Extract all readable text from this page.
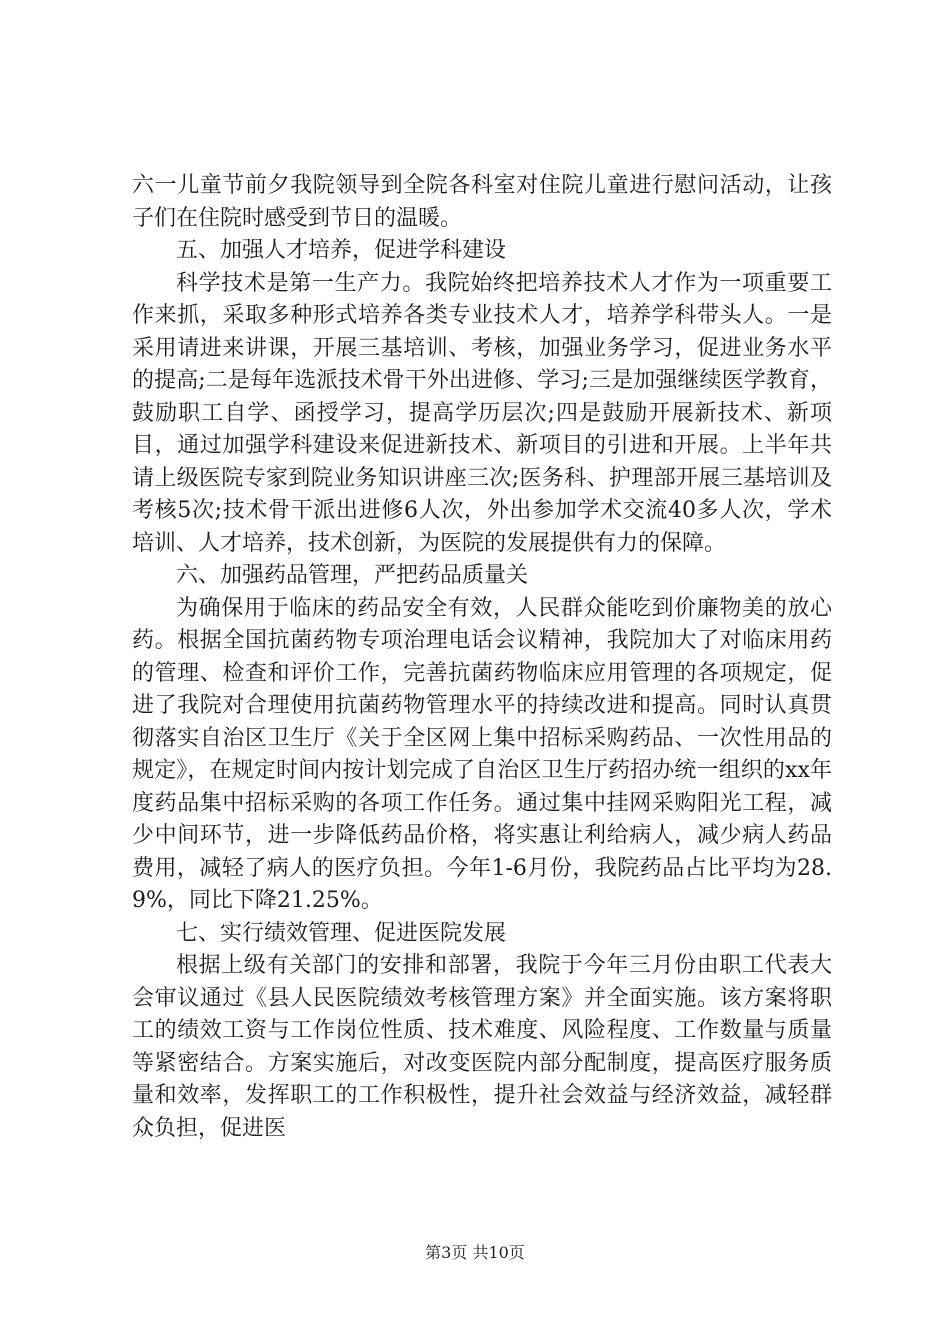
六一儿童节前夕我院领导到全院各科室对住院儿童进行慰问活动，让孩子们在住院时感受到节日的温暖。

五、加强人才培养，促进学科建设

科学技术是第一生产力。我院始终把培养技术人才作为一项重要工作来抓，采取多种形式培养各类专业技术人才，培养学科带头人。一是采用请进来讲课，开展三基培训、考核，加强业务学习，促进业务水平的提高;二是每年选派技术骨干外出进修、学习;三是加强继续医学教育，鼓励职工自学、函授学习，提高学历层次;四是鼓励开展新技术、新项目，通过加强学科建设来促进新技术、新项目的引进和开展。上半年共请上级医院专家到院业务知识讲座三次;医务科、护理部开展三基培训及考核5次;技术骨干派出进修6人次，外出参加学术交流40多人次，学术培训、人才培养，技术创新，为医院的发展提供有力的保障。

六、加强药品管理，严把药品质量关

为确保用于临床的药品安全有效，人民群众能吃到价廉物美的放心药。根据全国抗菌药物专项治理电话会议精神，我院加大了对临床用药的管理、检查和评价工作，完善抗菌药物临床应用管理的各项规定，促进了我院对合理使用抗菌药物管理水平的持续改进和提高。同时认真贯彻落实自治区卫生厅《关于全区网上集中招标采购药品、一次性用品的规定》，在规定时间内按计划完成了自治区卫生厅药招办统一组织的xx年度药品集中招标采购的各项工作任务。通过集中挂网采购阳光工程，减少中间环节，进一步降低药品价格，将实惠让利给病人，减少病人药品费用，减轻了病人的医疗负担。今年1-6月份，我院药品占比平均为28.9%，同比下降21.25%。

七、实行绩效管理、促进医院发展

根据上级有关部门的安排和部署，我院于今年三月份由职工代表大会审议通过《县人民医院绩效考核管理方案》并全面实施。该方案将职工的绩效工资与工作岗位性质、技术难度、风险程度、工作数量与质量等紧密结合。方案实施后，对改变医院内部分配制度，提高医疗服务质量和效率，发挥职工的工作积极性，提升社会效益与经济效益，减轻群众负担，促进医

第3页 共10页
